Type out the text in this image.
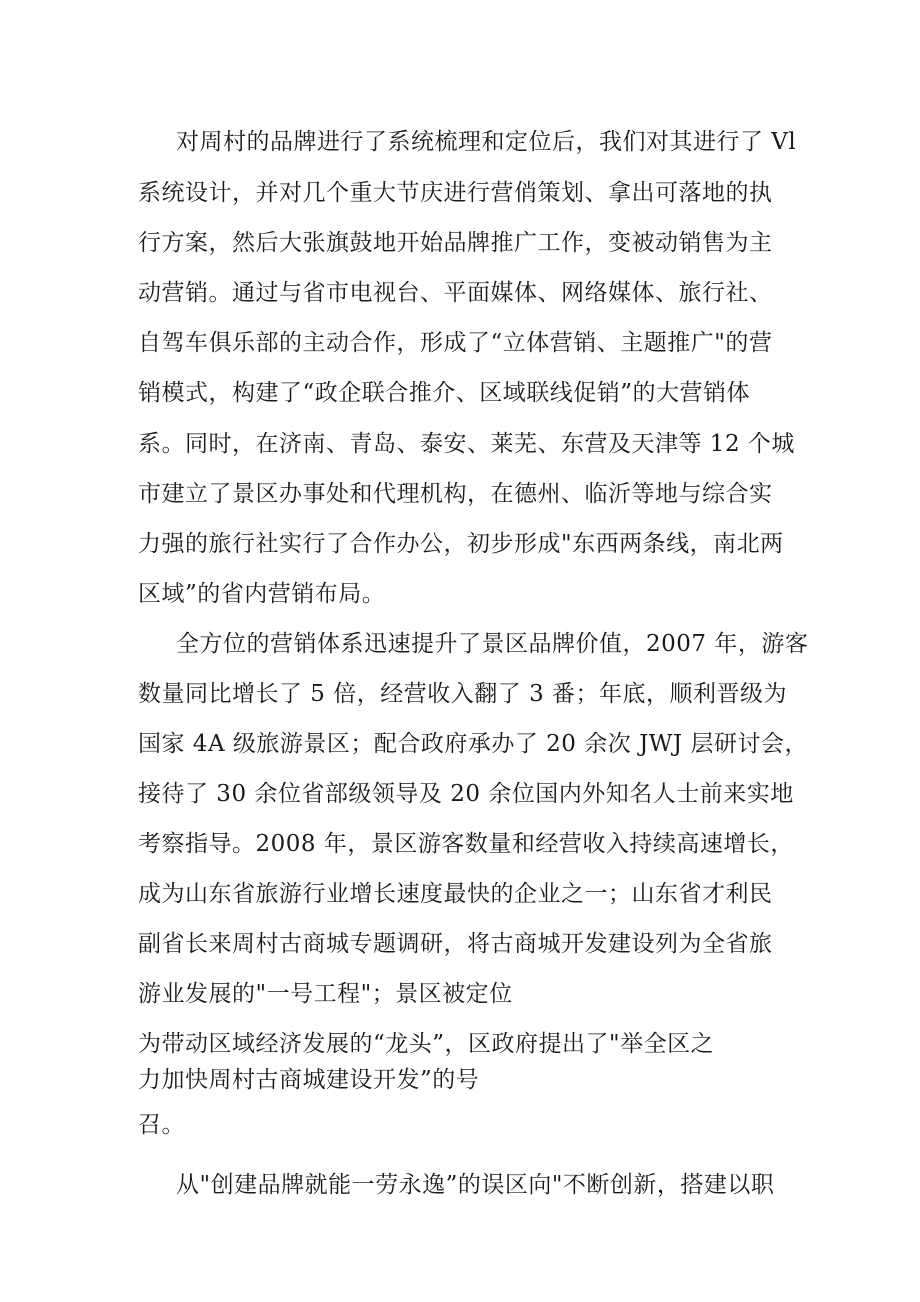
对周村的品牌进行了系统梳理和定位后，我们对其进行了 Vl
系统设计，并对几个重大节庆进行营俏策划、拿出可落地的执
行方案，然后大张旗鼓地开始品牌推广工作，变被动销售为主
动营销。通过与省市电视台、平面媒体、网络媒体、旅行社、
自驾车俱乐部的主动合作，形成了“立体营销、主题推广"的营
销模式，构建了“政企联合推介、区域联线促销”的大营销体
系。同时，在济南、青岛、泰安、莱芜、东营及天津等 12 个城
市建立了景区办事处和代理机构，在德州、临沂等地与综合实
力强的旅行社实行了合作办公，初步形成"东西两条线，南北两
区域”的省内营销布局。
全方位的营销体系迅速提升了景区品牌价值，2007 年，游客
数量同比增长了 5 倍，经营收入翻了 3 番；年底，顺利晋级为
国家 4A 级旅游景区；配合政府承办了 20 余次 JWJ 层研讨会，
接待了 30 余位省部级领导及 20 余位国内外知名人士前来实地
考察指导。2008 年，景区游客数量和经营收入持续高速增长，
成为山东省旅游行业增长速度最快的企业之一；山东省才利民
副省长来周村古商城专题调研，将古商城开发建设列为全省旅
游业发展的"一号工程"；景区被定位
为带动区域经济发展的“龙头”，区政府提出了"举全区之
力加快周村古商城建设开发”的号
召。
从"创建品牌就能一劳永逸”的误区向"不断创新，搭建以职
